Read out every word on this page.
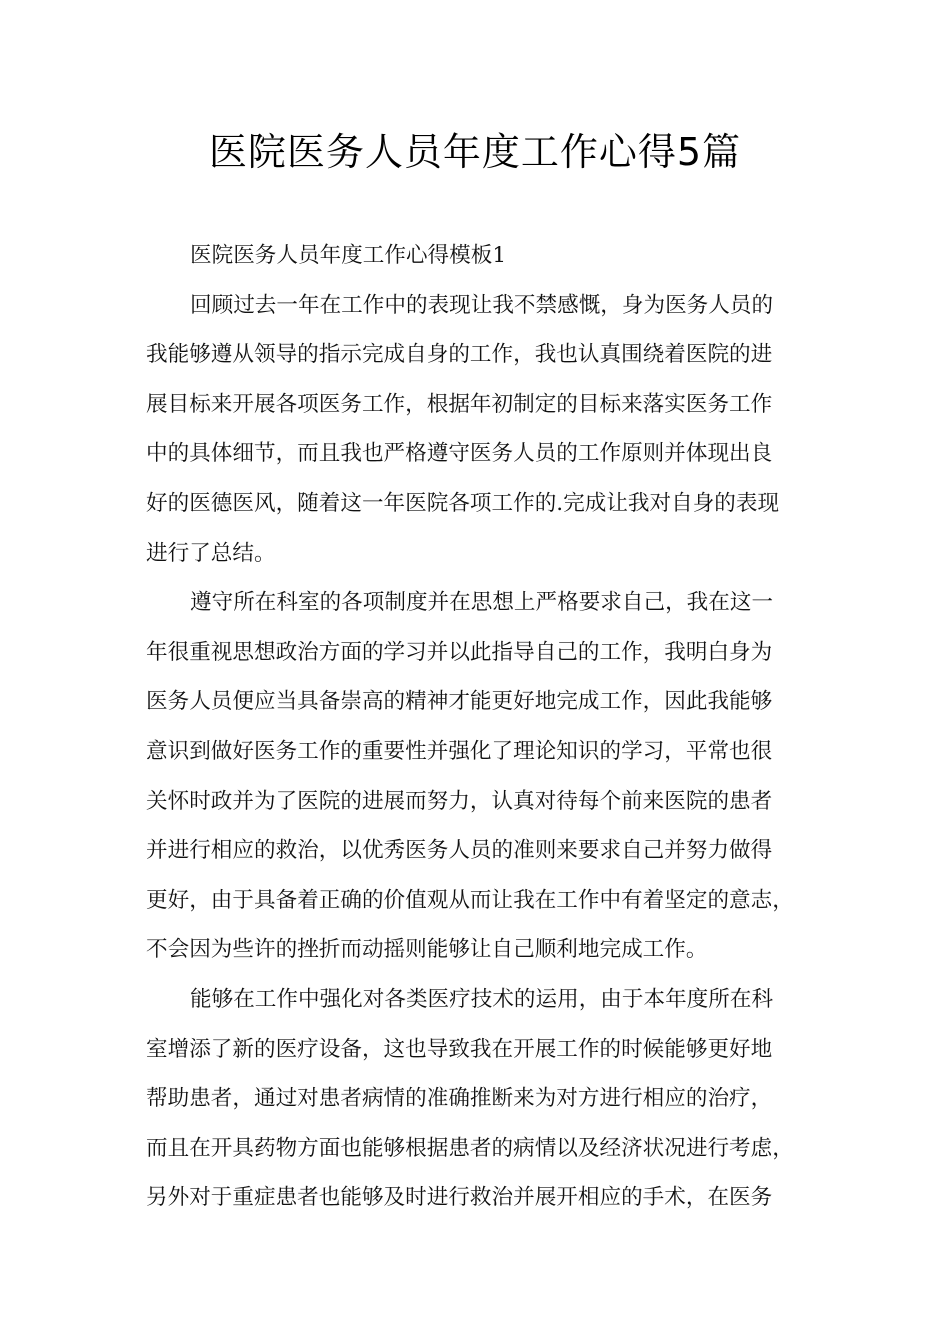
医院医务人员年度工作心得5篇
医院医务人员年度工作心得模板1
回顾过去一年在工作中的表现让我不禁感慨，身为医务人员的
我能够遵从领导的指示完成自身的工作，我也认真围绕着医院的进
展目标来开展各项医务工作，根据年初制定的目标来落实医务工作
中的具体细节，而且我也严格遵守医务人员的工作原则并体现出良
好的医德医风，随着这一年医院各项工作的.完成让我对自身的表现
进行了总结。
遵守所在科室的各项制度并在思想上严格要求自己，我在这一
年很重视思想政治方面的学习并以此指导自己的工作，我明白身为
医务人员便应当具备崇高的精神才能更好地完成工作，因此我能够
意识到做好医务工作的重要性并强化了理论知识的学习，平常也很
关怀时政并为了医院的进展而努力，认真对待每个前来医院的患者
并进行相应的救治，以优秀医务人员的准则来要求自己并努力做得
更好，由于具备着正确的价值观从而让我在工作中有着坚定的意志，
不会因为些许的挫折而动摇则能够让自己顺利地完成工作。
能够在工作中强化对各类医疗技术的运用，由于本年度所在科
室增添了新的医疗设备，这也导致我在开展工作的时候能够更好地
帮助患者，通过对患者病情的准确推断来为对方进行相应的治疗，
而且在开具药物方面也能够根据患者的病情以及经济状况进行考虑，
另外对于重症患者也能够及时进行救治并展开相应的手术，在医务
